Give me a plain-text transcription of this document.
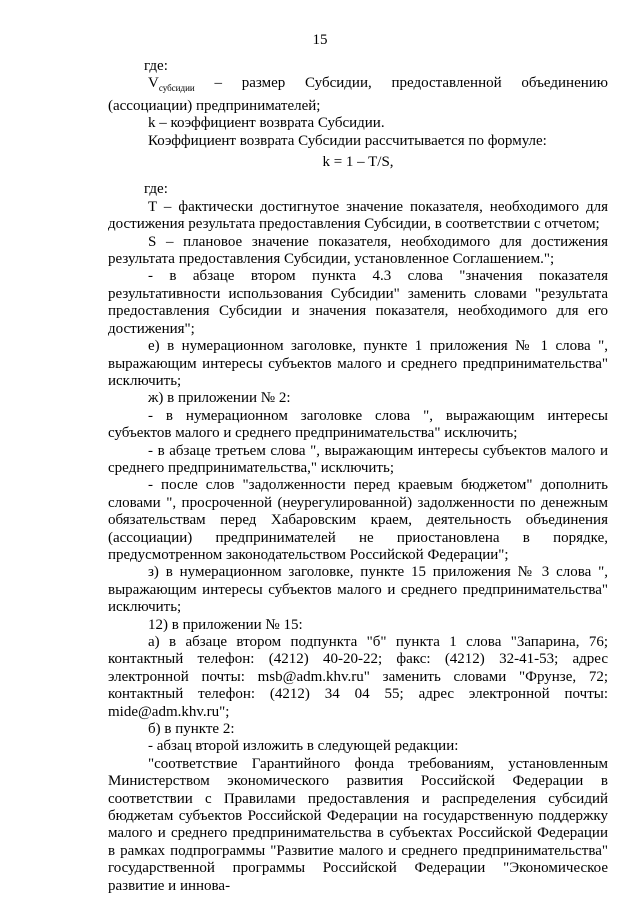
15

где:

$V_{субсидии}$ – размер Субсидии, предоставленной объединению (ассоциации) предпринимателей;

k – коэффициент возврата Субсидии.

Коэффициент возврата Субсидии рассчитывается по формуле:

k = 1 – T/S,

где:

T – фактически достигнутое значение показателя, необходимого для достижения результата предоставления Субсидии, в соответствии с отчетом;

S – плановое значение показателя, необходимого для достижения результата предоставления Субсидии, установленное Соглашением.";

- в абзаце втором пункта 4.3 слова "значения показателя результативности использования Субсидии" заменить словами "результата предоставления Субсидии и значения показателя, необходимого для его достижения";

е) в нумерационном заголовке, пункте 1 приложения № 1 слова ", выражающим интересы субъектов малого и среднего предпринимательства" исключить;

ж) в приложении № 2:

- в нумерационном заголовке слова ", выражающим интересы субъектов малого и среднего предпринимательства" исключить;

- в абзаце третьем слова ", выражающим интересы субъектов малого и среднего предпринимательства," исключить;

- после слов "задолженности перед краевым бюджетом" дополнить словами ", просроченной (неурегулированной) задолженности по денежным обязательствам перед Хабаровским краем, деятельность объединения (ассоциации) предпринимателей не приостановлена в порядке, предусмотренном законодательством Российской Федерации";

з) в нумерационном заголовке, пункте 15 приложения № 3 слова ", выражающим интересы субъектов малого и среднего предпринимательства" исключить;

12) в приложении № 15:

а) в абзаце втором подпункта "б" пункта 1 слова "Запарина, 76; контактный телефон: (4212) 40-20-22; факс: (4212) 32-41-53; адрес электронной почты: msb@adm.khv.ru" заменить словами "Фрунзе, 72; контактный телефон: (4212) 34 04 55; адрес электронной почты: mide@adm.khv.ru";

б) в пункте 2:

- абзац второй изложить в следующей редакции:

"соответствие Гарантийного фонда требованиям, установленным Министерством экономического развития Российской Федерации в соответствии с Правилами предоставления и распределения субсидий бюджетам субъектов Российской Федерации на государственную поддержку малого и среднего предпринимательства в субъектах Российской Федерации в рамках подпрограммы "Развитие малого и среднего предпринимательства" государственной программы Российской Федерации "Экономическое развитие и иннова-
